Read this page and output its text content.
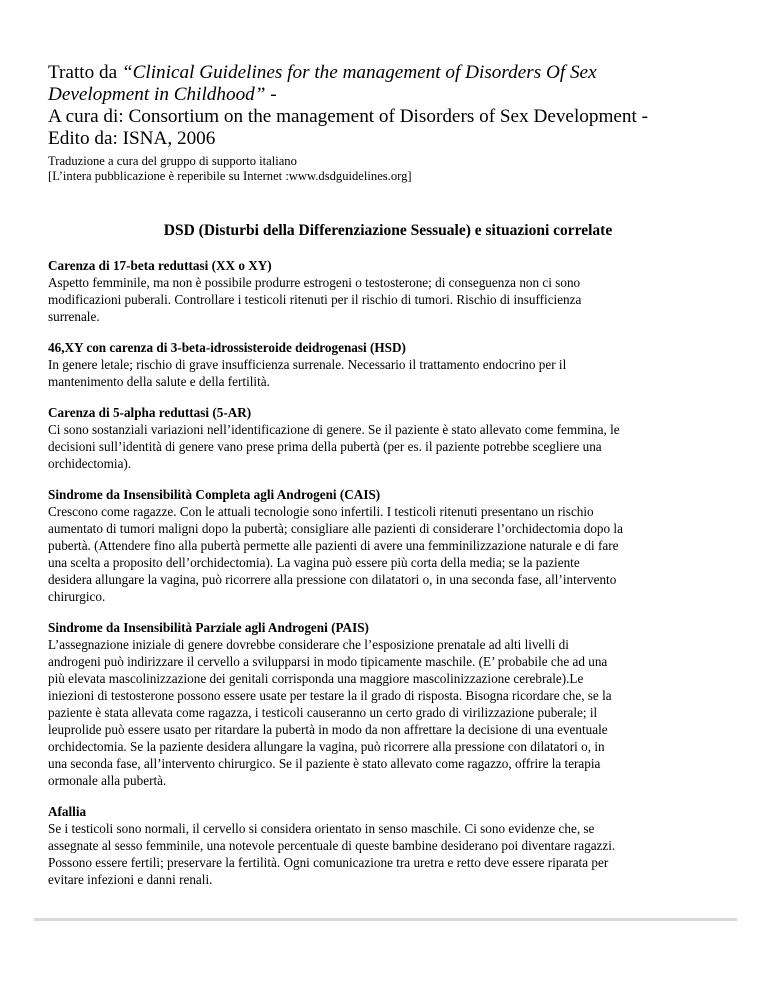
Tratto da “Clinical Guidelines for the management of Disorders Of Sex

Development in Childhood” -

A cura di: Consortium on the management of Disorders of Sex Development -

Edito da: ISNA, 2006

Traduzione a cura del gruppo di supporto italiano

[L’intera pubblicazione è reperibile su Internet :www.dsdguidelines.org]

DSD (Disturbi della Differenziazione Sessuale) e situazioni correlate
Carenza di 17-beta reduttasi (XX o XY)

Aspetto femminile, ma non è possibile produrre estrogeni o testosterone; di conseguenza non ci sono
modificazioni puberali. Controllare i testicoli ritenuti per il rischio di tumori. Rischio di insufficienza
surrenale.

46,XY con carenza di 3-beta-idrossisteroide deidrogenasi (HSD)

In genere letale; rischio di grave insufficienza surrenale. Necessario il trattamento endocrino per il
mantenimento della salute e della fertilità.

Carenza di 5-alpha reduttasi (5-AR)

Ci sono sostanziali variazioni nell’identificazione di genere. Se il paziente è stato allevato come femmina, le
decisioni sull’identità di genere vano prese prima della pubertà (per es. il paziente potrebbe scegliere una
orchidectomia).

Sindrome da Insensibilità Completa agli Androgeni (CAIS)

Crescono come ragazze. Con le attuali tecnologie sono infertili. I testicoli ritenuti presentano un rischio
aumentato di tumori maligni dopo la pubertà; consigliare alle pazienti di considerare l’orchidectomia dopo la
pubertà. (Attendere fino alla pubertà permette alle pazienti di avere una femminilizzazione naturale e di fare
una scelta a proposito dell’orchidectomia). La vagina può essere più corta della media; se la paziente
desidera allungare la vagina, può ricorrere alla pressione con dilatatori o, in una seconda fase, all’intervento
chirurgico.

Sindrome da Insensibilità Parziale agli Androgeni (PAIS)

L’assegnazione iniziale di genere dovrebbe considerare che l’esposizione prenatale ad alti livelli di
androgeni può indirizzare il cervello a svilupparsi in modo tipicamente maschile. (E’ probabile che ad una
più elevata mascolinizzazione dei genitali corrisponda una maggiore mascolinizzazione cerebrale).Le
iniezioni di testosterone possono essere usate per testare la il grado di risposta. Bisogna ricordare che, se la
paziente è stata allevata come ragazza, i testicoli causeranno un certo grado di virilizzazione puberale; il
leuprolide può essere usato per ritardare la pubertà in modo da non affrettare la decisione di una eventuale
orchidectomia. Se la paziente desidera allungare la vagina, può ricorrere alla pressione con dilatatori o, in
una seconda fase, all’intervento chirurgico. Se il paziente è stato allevato come ragazzo, offrire la terapia
ormonale alla pubertà.

Afallia

Se i testicoli sono normali, il cervello si considera orientato in senso maschile. Ci sono evidenze che, se
assegnate al sesso femminile, una notevole percentuale di queste bambine desiderano poi diventare ragazzi.
Possono essere fertili; preservare la fertilità. Ogni comunicazione tra uretra e retto deve essere riparata per
evitare infezioni e danni renali.
